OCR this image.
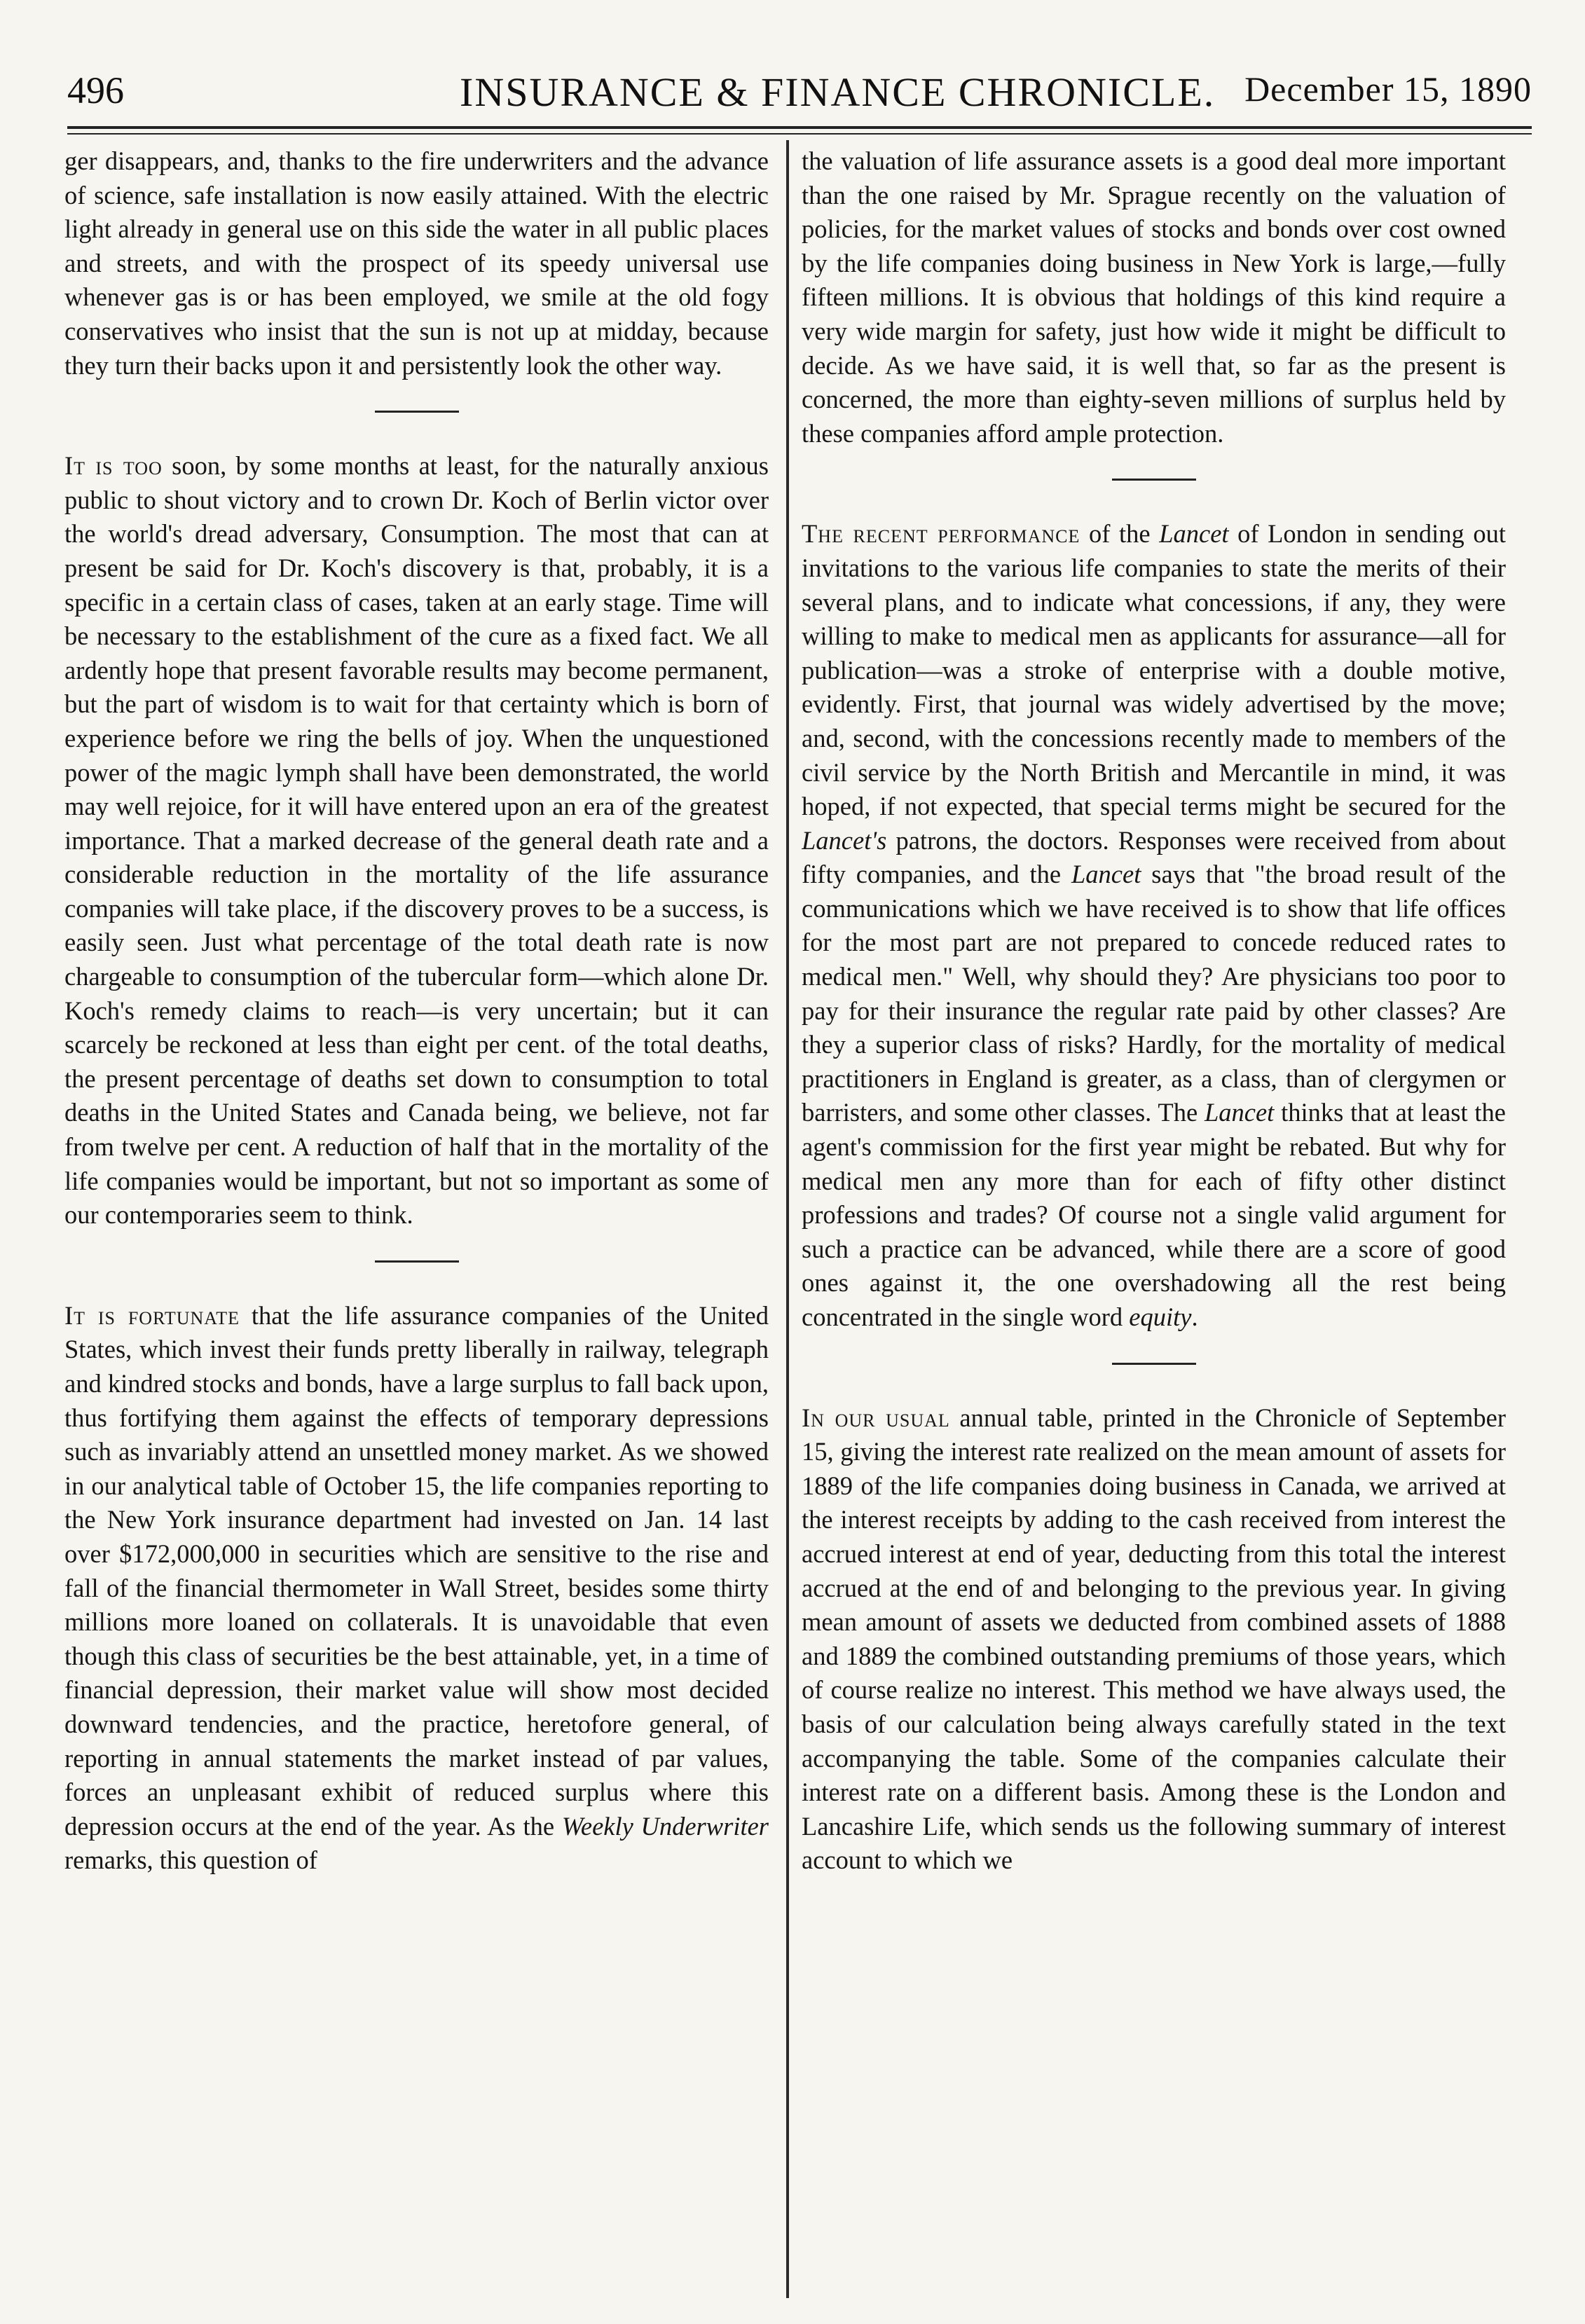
496	INSURANCE & FINANCE CHRONICLE. December 15, 1890

ger disappears, and, thanks to the fire underwriters and the advance of science, safe installation is now easily attained. With the electric light already in general use on this side the water in all public places and streets, and with the prospect of its speedy universal use whenever gas is or has been employed, we smile at the old fogy conservatives who insist that the sun is not up at midday, because they turn their backs upon it and persistently look the other way.

It is too soon, by some months at least, for the naturally anxious public to shout victory and to crown Dr. Koch of Berlin victor over the world's dread adversary, Consumption. The most that can at present be said for Dr. Koch's discovery is that, probably, it is a specific in a certain class of cases, taken at an early stage. Time will be necessary to the establishment of the cure as a fixed fact. We all ardently hope that present favorable results may become permanent, but the part of wisdom is to wait for that certainty which is born of experience before we ring the bells of joy. When the unquestioned power of the magic lymph shall have been demonstrated, the world may well rejoice, for it will have entered upon an era of the greatest importance. That a marked decrease of the general death rate and a considerable reduction in the mortality of the life assurance companies will take place, if the discovery proves to be a success, is easily seen. Just what percentage of the total death rate is now chargeable to consumption of the tubercular form—which alone Dr. Koch's remedy claims to reach—is very uncertain; but it can scarcely be reckoned at less than eight per cent. of the total deaths, the present percentage of deaths set down to consumption to total deaths in the United States and Canada being, we believe, not far from twelve per cent. A reduction of half that in the mortality of the life companies would be important, but not so important as some of our contemporaries seem to think.

It is fortunate that the life assurance companies of the United States, which invest their funds pretty liberally in railway, telegraph and kindred stocks and bonds, have a large surplus to fall back upon, thus fortifying them against the effects of temporary depressions such as invariably attend an unsettled money market. As we showed in our analytical table of October 15, the life companies reporting to the New York insurance department had invested on Jan. 14 last over $172,000,000 in securities which are sensitive to the rise and fall of the financial thermometer in Wall Street, besides some thirty millions more loaned on collaterals. It is unavoidable that even though this class of securities be the best attainable, yet, in a time of financial depression, their market value will show most decided downward tendencies, and the practice, heretofore general, of reporting in annual statements the market instead of par values, forces an unpleasant exhibit of reduced surplus where this depression occurs at the end of the year. As the Weekly Underwriter remarks, this question of

the valuation of life assurance assets is a good deal more important than the one raised by Mr. Sprague recently on the valuation of policies, for the market values of stocks and bonds over cost owned by the life companies doing business in New York is large,—fully fifteen millions. It is obvious that holdings of this kind require a very wide margin for safety, just how wide it might be difficult to decide. As we have said, it is well that, so far as the present is concerned, the more than eighty-seven millions of surplus held by these companies afford ample protection.

The recent performance of the Lancet of London in sending out invitations to the various life companies to state the merits of their several plans, and to indicate what concessions, if any, they were willing to make to medical men as applicants for assurance—all for publication—was a stroke of enterprise with a double motive, evidently. First, that journal was widely advertised by the move; and, second, with the concessions recently made to members of the civil service by the North British and Mercantile in mind, it was hoped, if not expected, that special terms might be secured for the Lancet's patrons, the doctors. Responses were received from about fifty companies, and the Lancet says that "the broad result of the communications which we have received is to show that life offices for the most part are not prepared to concede reduced rates to medical men." Well, why should they? Are physicians too poor to pay for their insurance the regular rate paid by other classes? Are they a superior class of risks? Hardly, for the mortality of medical practitioners in England is greater, as a class, than of clergymen or barristers, and some other classes. The Lancet thinks that at least the agent's commission for the first year might be rebated. But why for medical men any more than for each of fifty other distinct professions and trades? Of course not a single valid argument for such a practice can be advanced, while there are a score of good ones against it, the one overshadowing all the rest being concentrated in the single word equity.

In our usual annual table, printed in the Chronicle of September 15, giving the interest rate realized on the mean amount of assets for 1889 of the life companies doing business in Canada, we arrived at the interest receipts by adding to the cash received from interest the accrued interest at end of year, deducting from this total the interest accrued at the end of and belonging to the previous year. In giving mean amount of assets we deducted from combined assets of 1888 and 1889 the combined outstanding premiums of those years, which of course realize no interest. This method we have always used, the basis of our calculation being always carefully stated in the text accompanying the table. Some of the companies calculate their interest rate on a different basis. Among these is the London and Lancashire Life, which sends us the following summary of interest account to which we
